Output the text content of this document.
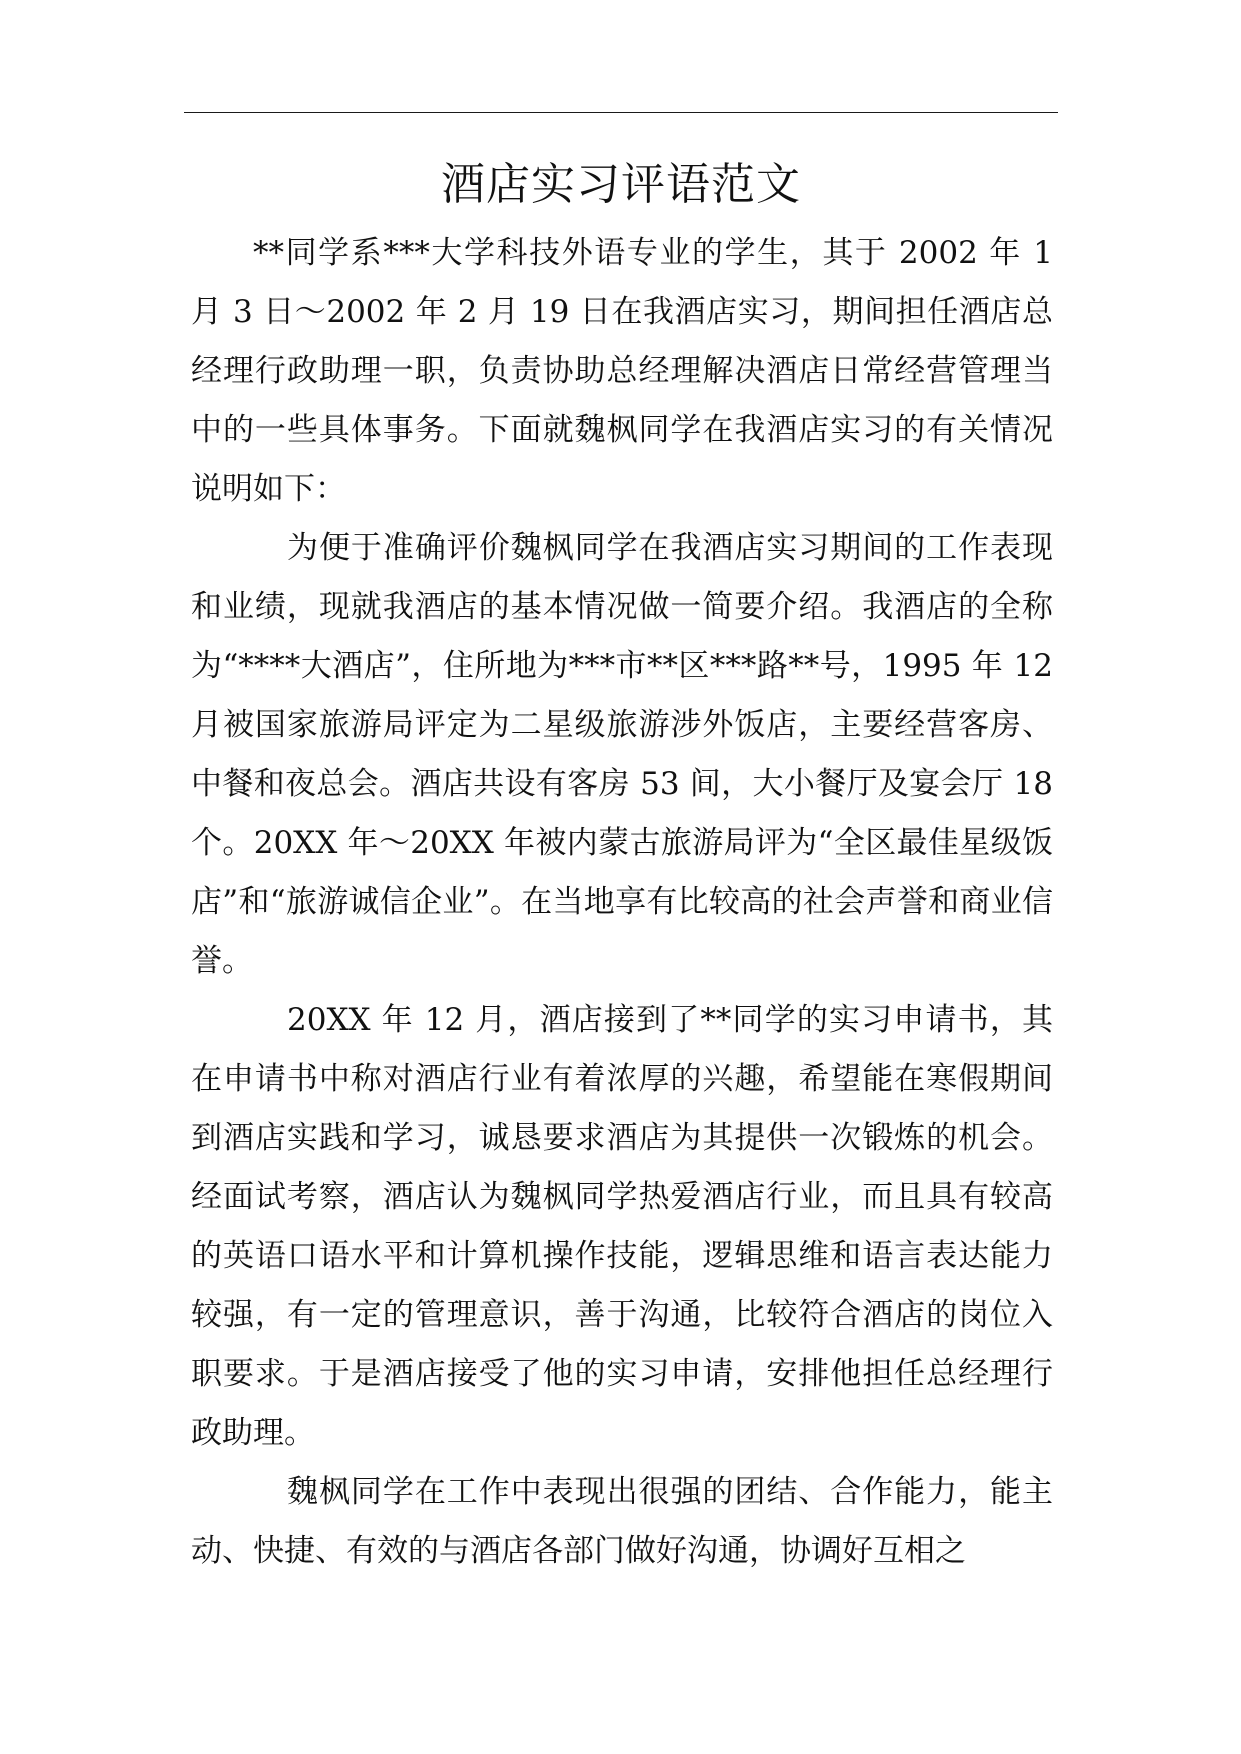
酒店实习评语范文

**同学系***大学科技外语专业的学生，其于 2002 年 1 月 3 日～2002 年 2 月 19 日在我酒店实习，期间担任酒店总经理行政助理一职，负责协助总经理解决酒店日常经营管理当中的一些具体事务。下面就魏枫同学在我酒店实习的有关情况说明如下：

为便于准确评价魏枫同学在我酒店实习期间的工作表现和业绩，现就我酒店的基本情况做一简要介绍。我酒店的全称为“****大酒店”，住所地为***市**区***路**号，1995 年 12 月被国家旅游局评定为二星级旅游涉外饭店，主要经营客房、中餐和夜总会。酒店共设有客房 53 间，大小餐厅及宴会厅 18 个。20XX 年～20XX 年被内蒙古旅游局评为“全区最佳星级饭店”和“旅游诚信企业”。在当地享有比较高的社会声誉和商业信誉。

20XX 年 12 月，酒店接到了**同学的实习申请书，其在申请书中称对酒店行业有着浓厚的兴趣，希望能在寒假期间到酒店实践和学习，诚恳要求酒店为其提供一次锻炼的机会。经面试考察，酒店认为魏枫同学热爱酒店行业，而且具有较高的英语口语水平和计算机操作技能，逻辑思维和语言表达能力较强，有一定的管理意识，善于沟通，比较符合酒店的岗位入职要求。于是酒店接受了他的实习申请，安排他担任总经理行政助理。

魏枫同学在工作中表现出很强的团结、合作能力，能主动、快捷、有效的与酒店各部门做好沟通，协调好互相之
